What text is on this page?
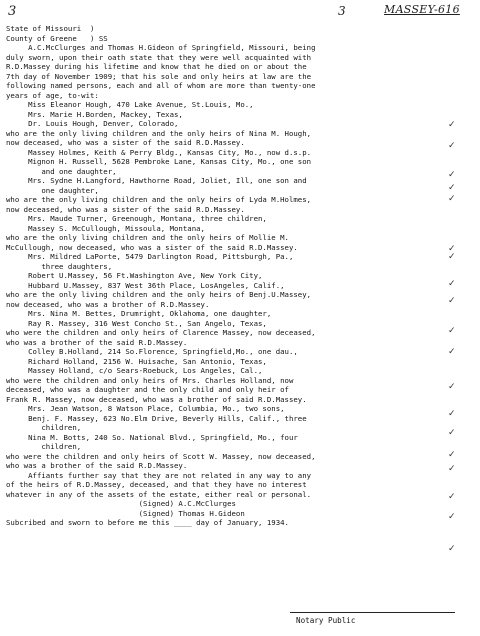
3	3	MASSEY-616
State of Missouri  )
County of Greene   ) SS
A.C.McClurges and Thomas H.Gideon of Springfield, Missouri, being
duly sworn, upon their oath state that they were well acquainted with
R.D.Massey during his lifetime and know that he died on or about the
7th day of November 1909; that his sole and only heirs at law are the
following named persons, each and all of whom are more than twenty-one
years of age, to-wit:
Miss Eleanor Hough, 470 Lake Avenue, St.Louis, Mo.,
Mrs. Marie H.Borden, Mackey, Texas,
Dr. Louis Hough, Denver, Colorado,
who are the only living children and the only heirs of Nina M. Hough,
now deceased, who was a sister of the said R.D.Massey.
Massey Holmes, Keith & Perry Bldg., Kansas City, Mo., now d.s.p.
Mignon H. Russell, 5628 Pembroke Lane, Kansas City, Mo., one son
and one daughter,
Mrs. Sydne H.Langford, Hawthorne Road, Joliet, Ill, one son and
one daughter,
who are the only living children and the only heirs of Lyda M.Holmes,
now deceased, who was a sister of the said R.D.Massey.
Mrs. Maude Turner, Greenough, Montana, three children,
Massey S. McCullough, Missoula, Montana,
who are the only living children and the only heirs of Mollie M.
McCullough, now deceased, who was a sister of the said R.D.Massey.
Mrs. Mildred LaPorte, 5479 Darlington Road, Pittsburgh, Pa.,
three daughters,
Robert U.Massey, 56 Ft.Washington Ave, New York City,
Hubbard U.Massey, 837 West 36th Place, LosAngeles, Calif.,
who are the only living children and the only heirs of Benj.U.Massey,
now deceased, who was a brother of R.D.Massey.
Mrs. Nina M. Bettes, Drumright, Oklahoma, one daughter,
Ray R. Massey, 316 West Concho St., San Angelo, Texas,
who were the children and only heirs of Clarence Massey, now deceased,
who was a brother of the said R.D.Massey.
Colley B.Holland, 214 So.Florence, Springfield,Mo., one dau.,
Richard Holland, 2156 W. Huisache, San Antonio, Texas,
Massey Holland, c/o Sears-Roebuck, Los Angeles, Cal.,
who were the children and only heirs of Mrs. Charles Holland, now
deceased, who was a daughter and the only child and only heir of
Frank R. Massey, now deceased, who was a brother of said R.D.Massey.
Mrs. Jean Watson, 8 Watson Place, Columbia, Mo., two sons,
Benj. F. Massey, 623 No.Elm Drive, Beverly Hills, Calif., three
children,
Nina M. Botts, 240 So. National Blvd., Springfield, Mo., four
children,
who were the children and only heirs of Scott W. Massey, now deceased,
who was a brother of the said R.D.Massey.
Affiants further say that they are not related in any way to any
of the heirs of R.D.Massey, deceased, and that they have no interest
whatever in any of the assets of the estate, either real or personal.
(Signed) A.C.McClurges
(Signed) Thomas H.Gideon
Subcribed and sworn to before me this ____ day of January, 1934.
✓
✓
✓
✓
✓
✓
✓
✓
✓
✓
✓
✓
✓
✓
✓
✓
✓
✓
✓
Notary Public
